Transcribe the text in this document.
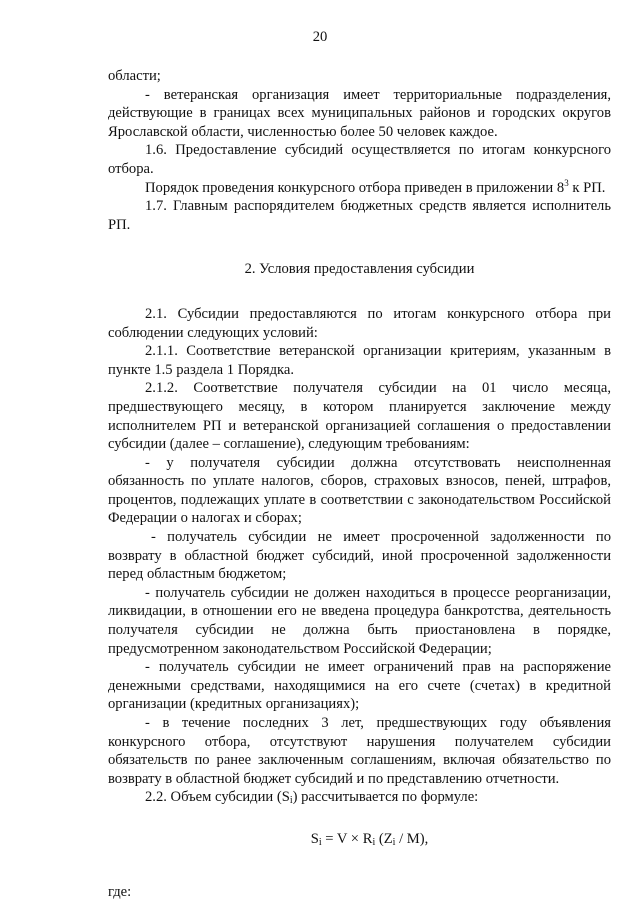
20

области;

- ветеранская организация имеет территориальные подразделения, действующие в границах всех муниципальных районов и городских округов Ярославской области, численностью более 50 человек каждое.

1.6. Предоставление субсидий осуществляется по итогам конкурсного отбора.

Порядок проведения конкурсного отбора приведен в приложении $8^3$ к РП.

1.7. Главным распорядителем бюджетных средств является исполнитель РП.

2. Условия предоставления субсидии

2.1. Субсидии предоставляются по итогам конкурсного отбора при соблюдении следующих условий:

2.1.1. Соответствие ветеранской организации критериям, указанным в пункте 1.5 раздела 1 Порядка.

2.1.2. Соответствие получателя субсидии на 01 число месяца, предшествующего месяцу, в котором планируется заключение между исполнителем РП и ветеранской организацией соглашения о предоставлении субсидии (далее – соглашение), следующим требованиям:

- у получателя субсидии должна отсутствовать неисполненная обязанность по уплате налогов, сборов, страховых взносов, пеней, штрафов, процентов, подлежащих уплате в соответствии с законодательством Российской Федерации о налогах и сборах;

- получатель субсидии не имеет просроченной задолженности по возврату в областной бюджет субсидий, иной просроченной задолженности перед областным бюджетом;

- получатель субсидии не должен находиться в процессе реорганизации, ликвидации, в отношении его не введена процедура банкротства, деятельность получателя субсидии не должна быть приостановлена в порядке, предусмотренном законодательством Российской Федерации;

- получатель субсидии не имеет ограничений прав на распоряжение денежными средствами, находящимися на его счете (счетах) в кредитной организации (кредитных организациях);

- в течение последних 3 лет, предшествующих году объявления конкурсного отбора, отсутствуют нарушения получателем субсидии обязательств по ранее заключенным соглашениям, включая обязательство по возврату в областной бюджет субсидий и по представлению отчетности.

2.2. Объем субсидии $(S_i)$ рассчитывается по формуле:

$S_i = V \times R_i$ $(Z_i / M)$,

где:
